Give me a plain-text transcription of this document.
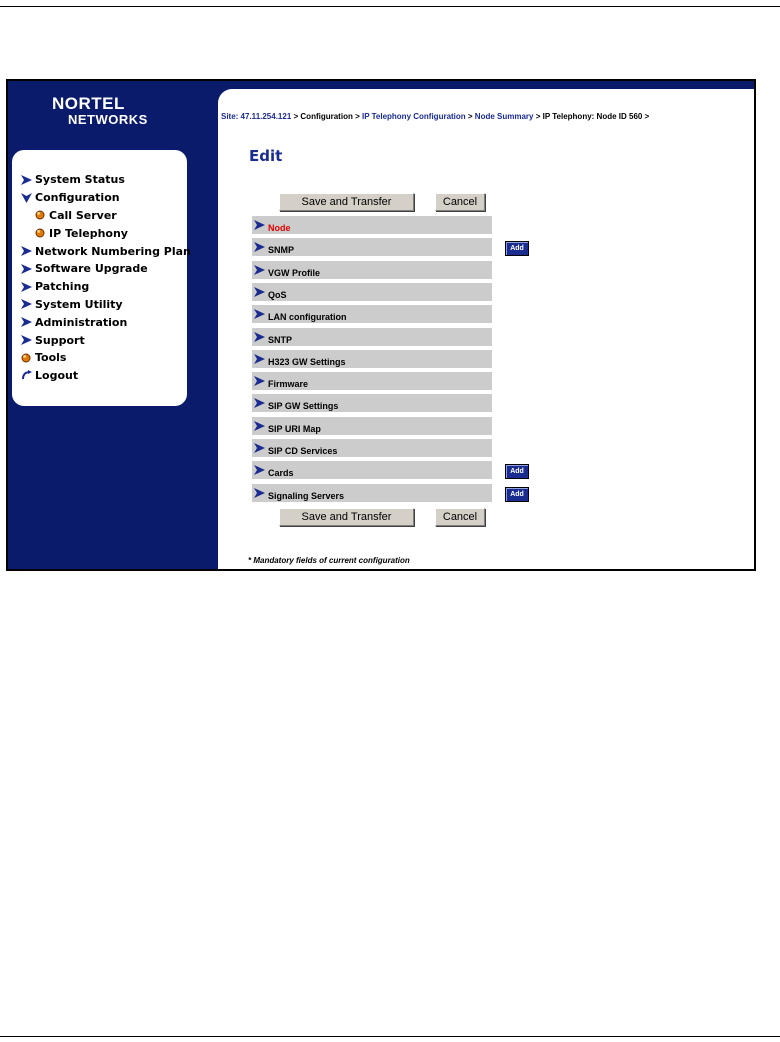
NORTEL
NETWORKS
System Status
Configuration
Call Server
IP Telephony
Network Numbering Plan
Software Upgrade
Patching
System Utility
Administration
Support
Tools
Logout
Site: 47.11.254.121 > Configuration > IP Telephony Configuration > Node Summary > IP Telephony: Node ID 560 >
Edit
Save and Transfer	Cancel
Node
SNMP	Add
VGW Profile
QoS
LAN configuration
SNTP
H323 GW Settings
Firmware
SIP GW Settings
SIP URI Map
SIP CD Services
Cards	Add
Signaling Servers	Add
Save and Transfer	Cancel
* Mandatory fields of current configuration
